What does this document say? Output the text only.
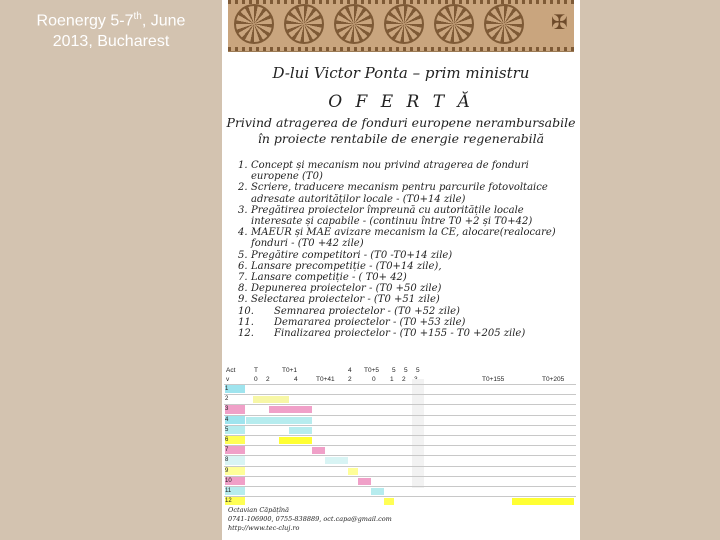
Roenergy 5-7th, June
2013, Bucharest
✠
D-lui Victor Ponta – prim ministru
O F E R T Ă
Privind atragerea de fonduri europene nerambursabile
în proiecte rentabile de energie regenerabilă
1. Concept și mecanism nou privind atragerea de fonduri europene (T0)
2. Scriere, traducere mecanism pentru parcurile fotovoltaice adresate autorităților locale - (T0+14 zile)
3. Pregătirea proiectelor împreună cu autoritățile locale interesate și capabile - (continuu între T0 +2 și T0+42)
4. MAEUR și MAE avizare mecanism la CE, alocare(realocare) fonduri - (T0 +42 zile)
5. Pregătire competitori - (T0 -T0+14 zile)
6. Lansare precompetiție - (T0+14 zile),
7. Lansare competiție - ( T0+ 42)
8. Depunerea proiectelor - (T0 +50 zile)
9. Selectarea proiectelor - (T0 +51 zile)
10.	Semnarea proiectelor - (T0 +52 zile)
11.	Demararea proiectelor - (T0 +53 zile)
12.	Finalizarea proiectelor - (T0 +155 - T0 +205 zile)
Act	T	T0+1	4 T0+5 5 5 5
v	0 2	4	T0+41 2	0 1 2	T0+155	T0+205
1
2
3
4
5
6
7
8
9
10
11
12
Octavian Căpățînă
0741-106900, 0755-838889, oct.capa@gmail.com
http://www.tec-cluj.ro
